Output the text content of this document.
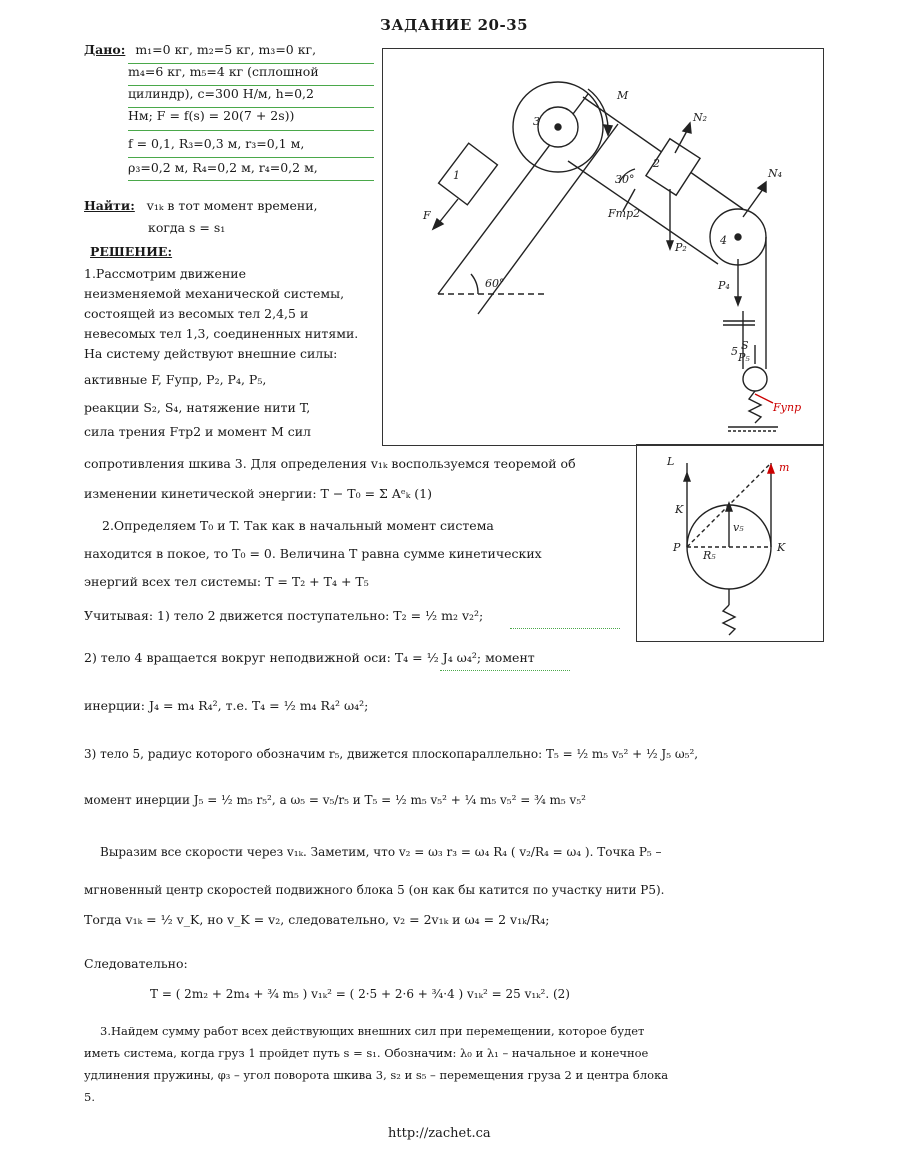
ЗАДАНИЕ 20-35
Дано: m₁=0 кг, m₂=5 кг, m₃=0 кг,
m₄=6 кг, m₅=4 кг (сплошной
цилиндр), c=300 Н/м, h=0,2
Нм; F = f(s) = 20(7 + 2s))
f = 0,1, R₃=0,3 м, r₃=0,1 м,
ρ₃=0,2 м, R₄=0,2 м, r₄=0,2 м,
Найти: v₁ₖ в тот момент времени,
когда s = s₁
РЕШЕНИЕ:
1.Рассмотрим движение
неизменяемой механической системы,
состоящей из весомых тел 2,4,5 и
невесомых тел 1,3, соединенных нитями.
На систему действуют внешние силы:
активные F, Fупр, P₂, P₄, P₅,
реакции S₂, S₄, натяжение нити T,
сила трения Fтр2 и момент M сил
сопротивления шкива 3. Для определения v₁ₖ воспользуемся теоремой об
изменении кинетической энергии: T − T₀ = Σ Aᵉₖ (1)
2.Определяем T₀ и T. Так как в начальный момент система
находится в покое, то T₀ = 0. Величина T равна сумме кинетических
энергий всех тел системы: T = T₂ + T₄ + T₅
Учитывая: 1) тело 2 движется поступательно: T₂ = ½ m₂ v₂²;
2) тело 4 вращается вокруг неподвижной оси: T₄ = ½ J₄ ω₄²; момент
инерции: J₄ = m₄ R₄², т.е. T₄ = ½ m₄ R₄² ω₄²;
3) тело 5, радиус которого обозначим r₅, движется плоскопараллельно: T₅ = ½ m₅ v₅² + ½ J₅ ω₅²,
момент инерции J₅ = ½ m₅ r₅², а ω₅ = v₅/r₅ и T₅ = ½ m₅ v₅² + ¼ m₅ v₅² = ¾ m₅ v₅²
Выразим все скорости через v₁ₖ. Заметим, что v₂ = ω₃ r₃ = ω₄ R₄ ( v₂/R₄ = ω₄ ). Точка P₅ –
мгновенный центр скоростей подвижного блока 5 (он как бы катится по участку нити P5).
Тогда v₁ₖ = ½ v_K, но v_K = v₂, следовательно, v₂ = 2v₁ₖ и ω₄ = 2 v₁ₖ/R₄;
Следовательно:
T = ( 2m₂ + 2m₄ + ¾ m₅ ) v₁ₖ² = ( 2·5 + 2·6 + ¾·4 ) v₁ₖ² = 25 v₁ₖ². (2)
3.Найдем сумму работ всех действующих внешних сил при перемещении, которое будет
иметь система, когда груз 1 пройдет путь s = s₁. Обозначим: λ₀ и λ₁ – начальное и конечное
удлинения пружины, φ₃ – угол поворота шкива 3, s₂ и s₅ – перемещения груза 2 и центра блока
5.
M
N₂
N₄
30°
F	Fтр2
P₂
P₄
P₅
S
Fупр
1
2
3
4
5
60°
L	m
K
P
R₅
v₅
K
http://zachet.ca
